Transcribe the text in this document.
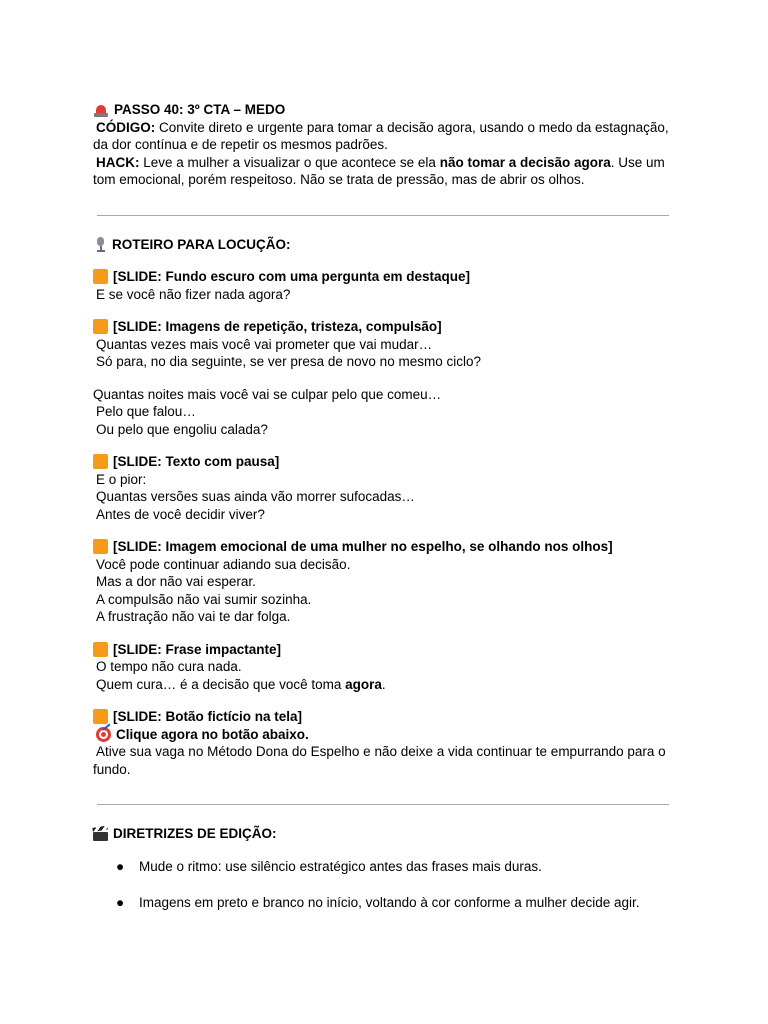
PASSO 40: 3º CTA – MEDO

CÓDIGO: Convite direto e urgente para tomar a decisão agora, usando o medo da estagnação, da dor contínua e de repetir os mesmos padrões.

HACK: Leve a mulher a visualizar o que acontece se ela não tomar a decisão agora. Use um tom emocional, porém respeitoso. Não se trata de pressão, mas de abrir os olhos.

ROTEIRO PARA LOCUÇÃO:

[SLIDE: Fundo escuro com uma pergunta em destaque]

E se você não fizer nada agora?

[SLIDE: Imagens de repetição, tristeza, compulsão]

Quantas vezes mais você vai prometer que vai mudar…

Só para, no dia seguinte, se ver presa de novo no mesmo ciclo?

Quantas noites mais você vai se culpar pelo que comeu…

Pelo que falou…

Ou pelo que engoliu calada?

[SLIDE: Texto com pausa]

E o pior:

Quantas versões suas ainda vão morrer sufocadas…

Antes de você decidir viver?

[SLIDE: Imagem emocional de uma mulher no espelho, se olhando nos olhos]

Você pode continuar adiando sua decisão.

Mas a dor não vai esperar.

A compulsão não vai sumir sozinha.

A frustração não vai te dar folga.

[SLIDE: Frase impactante]

O tempo não cura nada.

Quem cura… é a decisão que você toma agora.

[SLIDE: Botão fictício na tela]

Clique agora no botão abaixo.

Ative sua vaga no Método Dona do Espelho e não deixe a vida continuar te empurrando para o fundo.

DIRETRIZES DE EDIÇÃO:

● Mude o ritmo: use silêncio estratégico antes das frases mais duras.
● Imagens em preto e branco no início, voltando à cor conforme a mulher decide agir.
